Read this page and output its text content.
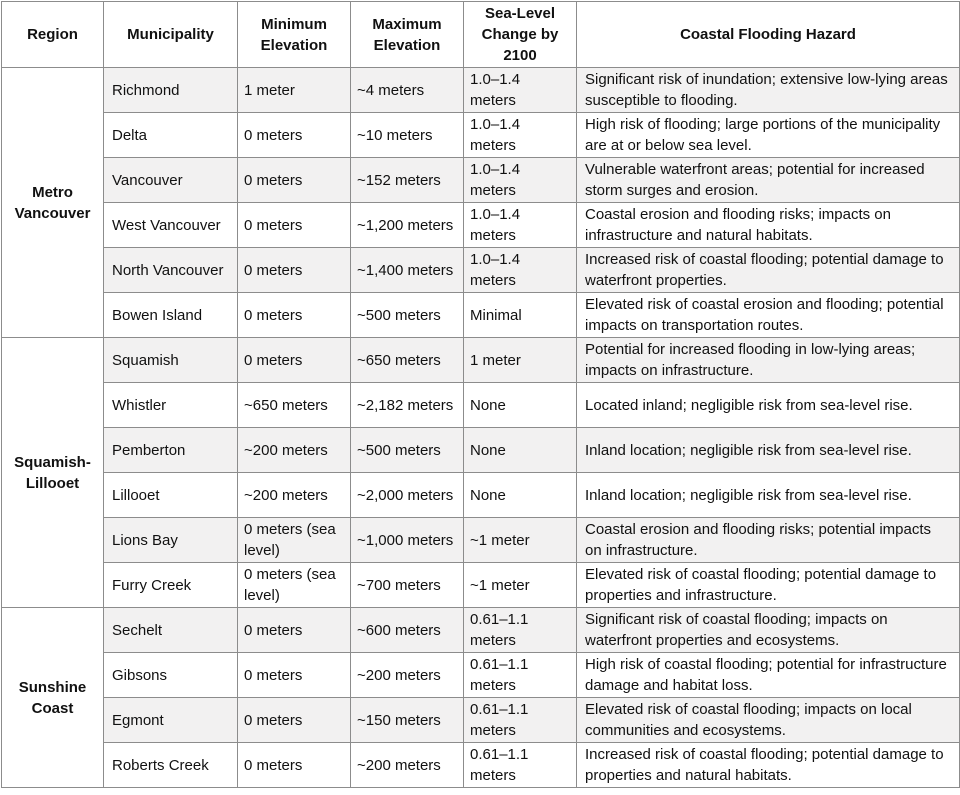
Region	Municipality	Minimum Elevation	Maximum Elevation	Sea-Level Change by 2100	Coastal Flooding Hazard
Metro Vancouver	Richmond	1 meter	~4 meters	1.0–1.4 meters	Significant risk of inundation; extensive low-lying areas susceptible to flooding.
	Delta	0 meters	~10 meters	1.0–1.4 meters	High risk of flooding; large portions of the municipality are at or below sea level.
	Vancouver	0 meters	~152 meters	1.0–1.4 meters	Vulnerable waterfront areas; potential for increased storm surges and erosion.
	West Vancouver	0 meters	~1,200 meters	1.0–1.4 meters	Coastal erosion and flooding risks; impacts on infrastructure and natural habitats.
	North Vancouver	0 meters	~1,400 meters	1.0–1.4 meters	Increased risk of coastal flooding; potential damage to waterfront properties.
	Bowen Island	0 meters	~500 meters	Minimal	Elevated risk of coastal erosion and flooding; potential impacts on transportation routes.
Squamish-Lillooet	Squamish	0 meters	~650 meters	1 meter	Potential for increased flooding in low-lying areas; impacts on infrastructure.
	Whistler	~650 meters	~2,182 meters	None	Located inland; negligible risk from sea-level rise.
	Pemberton	~200 meters	~500 meters	None	Inland location; negligible risk from sea-level rise.
	Lillooet	~200 meters	~2,000 meters	None	Inland location; negligible risk from sea-level rise.
	Lions Bay	0 meters (sea level)	~1,000 meters	~1 meter	Coastal erosion and flooding risks; potential impacts on infrastructure.
	Furry Creek	0 meters (sea level)	~700 meters	~1 meter	Elevated risk of coastal flooding; potential damage to properties and infrastructure.
Sunshine Coast	Sechelt	0 meters	~600 meters	0.61–1.1 meters	Significant risk of coastal flooding; impacts on waterfront properties and ecosystems.
	Gibsons	0 meters	~200 meters	0.61–1.1 meters	High risk of coastal flooding; potential for infrastructure damage and habitat loss.
	Egmont	0 meters	~150 meters	0.61–1.1 meters	Elevated risk of coastal flooding; impacts on local communities and ecosystems.
	Roberts Creek	0 meters	~200 meters	0.61–1.1 meters	Increased risk of coastal flooding; potential damage to properties and natural habitats.
